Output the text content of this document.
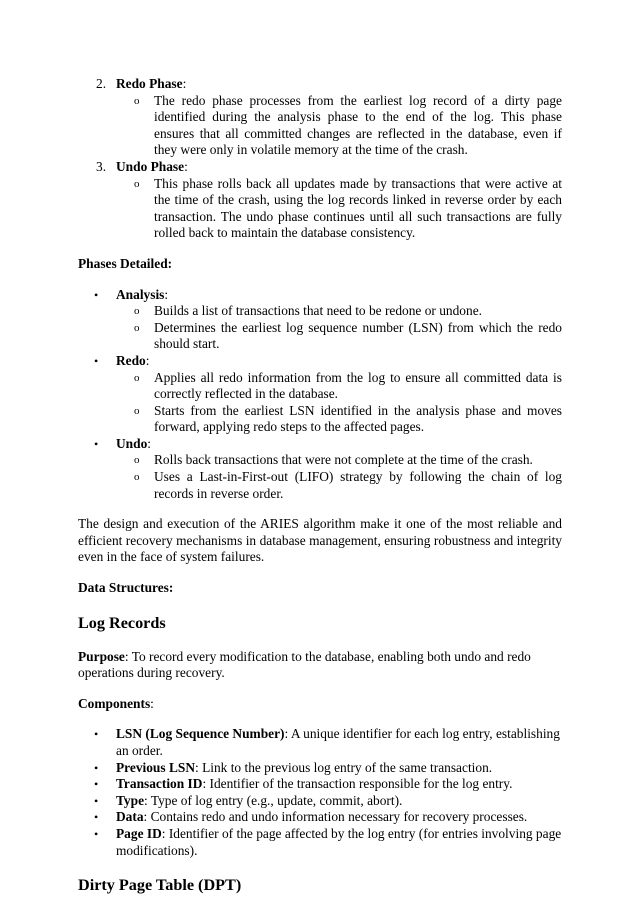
2. Redo Phase:
o The redo phase processes from the earliest log record of a dirty page identified during the analysis phase to the end of the log. This phase ensures that all committed changes are reflected in the database, even if they were only in volatile memory at the time of the crash.
3. Undo Phase:
o This phase rolls back all updates made by transactions that were active at the time of the crash, using the log records linked in reverse order by each transaction. The undo phase continues until all such transactions are fully rolled back to maintain the database consistency.

Phases Detailed:

• Analysis:
o Builds a list of transactions that need to be redone or undone.
o Determines the earliest log sequence number (LSN) from which the redo should start.
• Redo:
o Applies all redo information from the log to ensure all committed data is correctly reflected in the database.
o Starts from the earliest LSN identified in the analysis phase and moves forward, applying redo steps to the affected pages.
• Undo:
o Rolls back transactions that were not complete at the time of the crash.
o Uses a Last-in-First-out (LIFO) strategy by following the chain of log records in reverse order.

The design and execution of the ARIES algorithm make it one of the most reliable and efficient recovery mechanisms in database management, ensuring robustness and integrity even in the face of system failures.

Data Structures:

Log Records

Purpose: To record every modification to the database, enabling both undo and redo operations during recovery.

Components:

• LSN (Log Sequence Number): A unique identifier for each log entry, establishing an order.
• Previous LSN: Link to the previous log entry of the same transaction.
• Transaction ID: Identifier of the transaction responsible for the log entry.
• Type: Type of log entry (e.g., update, commit, abort).
• Data: Contains redo and undo information necessary for recovery processes.
• Page ID: Identifier of the page affected by the log entry (for entries involving page modifications).

Dirty Page Table (DPT)
